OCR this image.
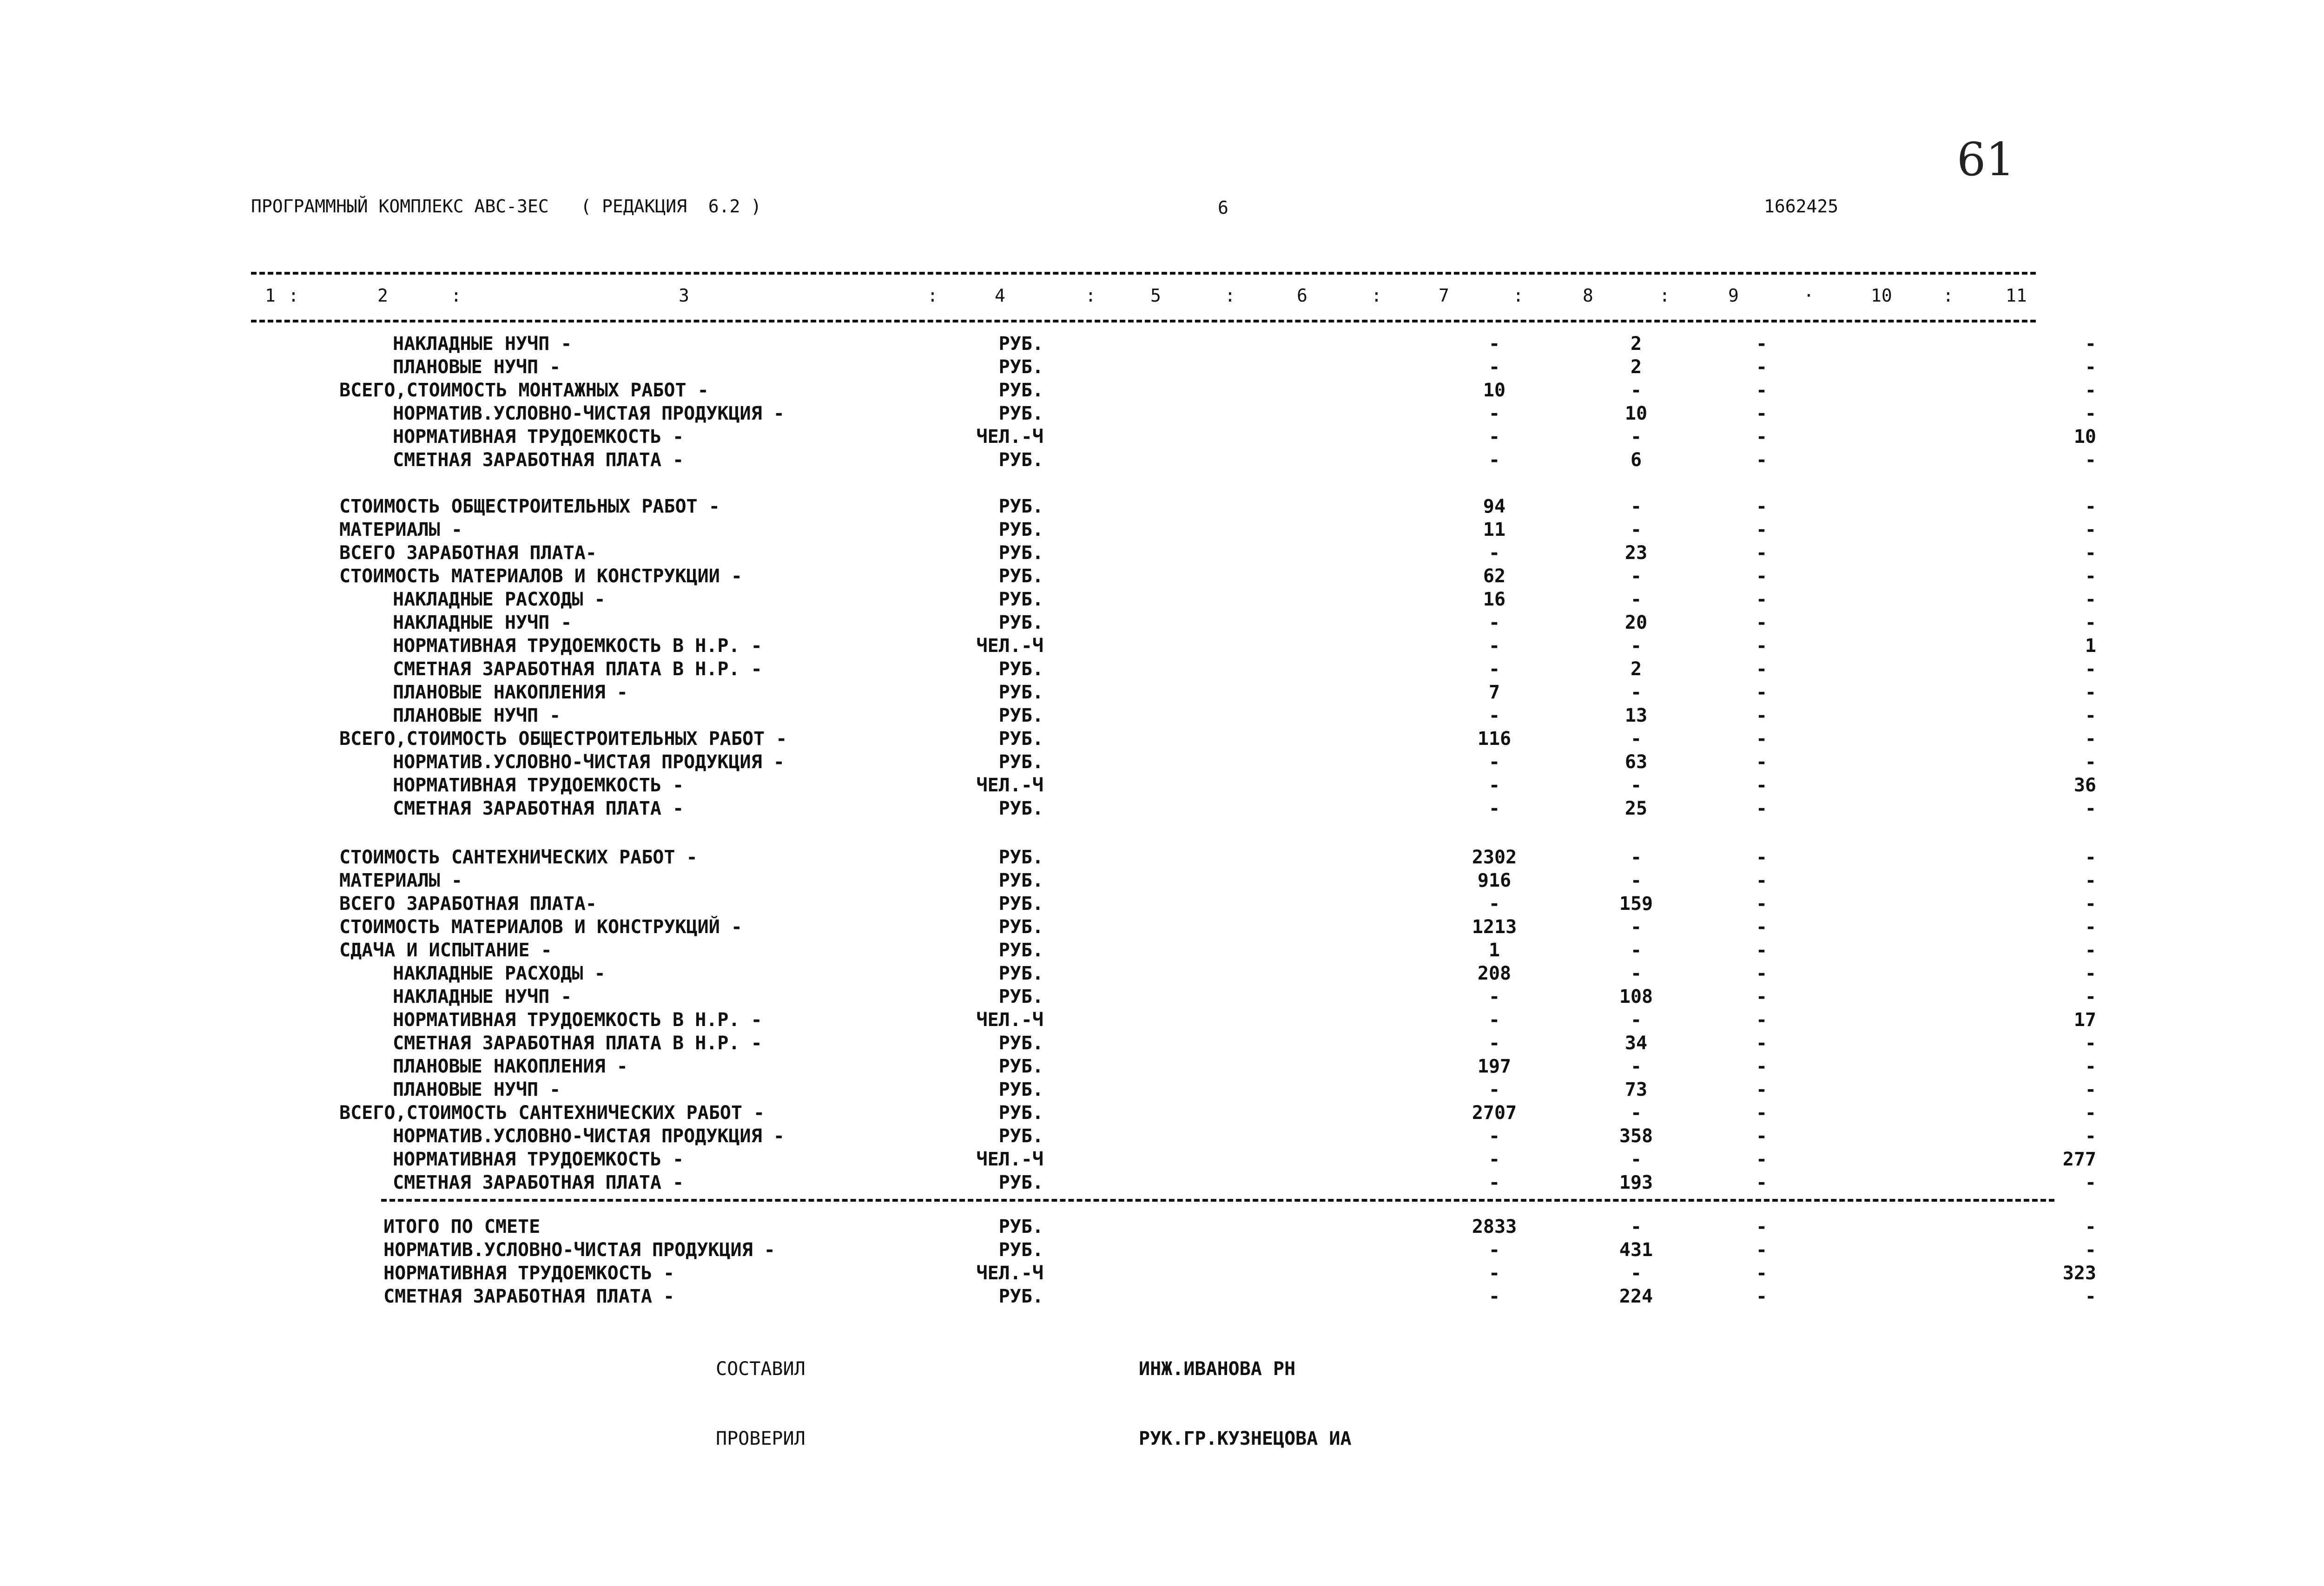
61
ПРОГРАММНЫЙ КОМПЛЕКС АВС-3ЕС   ( РЕДАКЦИЯ  6.2 )	6	1662425
1 :	2	:	3	:	4	:	5	:	6	:	7	:	8	:	9	·	10	:	11
НАКЛАДНЫЕ НУЧП -	РУБ.	-	2	-	-
ПЛАНОВЫЕ НУЧП -	РУБ.	-	2	-	-
ВСЕГО,СТОИМОСТЬ МОНТАЖНЫХ РАБОТ -	РУБ.	10	-	-	-
НОРМАТИВ.УСЛОВНО-ЧИСТАЯ ПРОДУКЦИЯ -	РУБ.	-	10	-	-
НОРМАТИВНАЯ ТРУДОЕМКОСТЬ -	ЧЕЛ.-Ч	-	-	-	10
СМЕТНАЯ ЗАРАБОТНАЯ ПЛАТА -	РУБ.	-	6	-	-
СТОИМОСТЬ ОБЩЕСТРОИТЕЛЬНЫХ РАБОТ -	РУБ.	94	-	-	-
МАТЕРИАЛЫ -	РУБ.	11	-	-	-
ВСЕГО ЗАРАБОТНАЯ ПЛАТА-	РУБ.	-	23	-	-
СТОИМОСТЬ МАТЕРИАЛОВ И КОНСТРУКЦИИ -	РУБ.	62	-	-	-
НАКЛАДНЫЕ РАСХОДЫ -	РУБ.	16	-	-	-
НАКЛАДНЫЕ НУЧП -	РУБ.	-	20	-	-
НОРМАТИВНАЯ ТРУДОЕМКОСТЬ В Н.Р. -	ЧЕЛ.-Ч	-	-	-	1
СМЕТНАЯ ЗАРАБОТНАЯ ПЛАТА В Н.Р. -	РУБ.	-	2	-	-
ПЛАНОВЫЕ НАКОПЛЕНИЯ -	РУБ.	7	-	-	-
ПЛАНОВЫЕ НУЧП -	РУБ.	-	13	-	-
ВСЕГО,СТОИМОСТЬ ОБЩЕСТРОИТЕЛЬНЫХ РАБОТ -	РУБ.	116	-	-	-
НОРМАТИВ.УСЛОВНО-ЧИСТАЯ ПРОДУКЦИЯ -	РУБ.	-	63	-	-
НОРМАТИВНАЯ ТРУДОЕМКОСТЬ -	ЧЕЛ.-Ч	-	-	-	36
СМЕТНАЯ ЗАРАБОТНАЯ ПЛАТА -	РУБ.	-	25	-	-
СТОИМОСТЬ САНТЕХНИЧЕСКИХ РАБОТ -	РУБ.	2302	-	-	-
МАТЕРИАЛЫ -	РУБ.	916	-	-	-
ВСЕГО ЗАРАБОТНАЯ ПЛАТА-	РУБ.	-	159	-	-
СТОИМОСТЬ МАТЕРИАЛОВ И КОНСТРУКЦИЙ -	РУБ.	1213	-	-	-
СДАЧА И ИСПЫТАНИЕ -	РУБ.	1	-	-	-
НАКЛАДНЫЕ РАСХОДЫ -	РУБ.	208	-	-	-
НАКЛАДНЫЕ НУЧП -	РУБ.	-	108	-	-
НОРМАТИВНАЯ ТРУДОЕМКОСТЬ В Н.Р. -	ЧЕЛ.-Ч	-	-	-	17
СМЕТНАЯ ЗАРАБОТНАЯ ПЛАТА В Н.Р. -	РУБ.	-	34	-	-
ПЛАНОВЫЕ НАКОПЛЕНИЯ -	РУБ.	197	-	-	-
ПЛАНОВЫЕ НУЧП -	РУБ.	-	73	-	-
ВСЕГО,СТОИМОСТЬ САНТЕХНИЧЕСКИХ РАБОТ -	РУБ.	2707	-	-	-
НОРМАТИВ.УСЛОВНО-ЧИСТАЯ ПРОДУКЦИЯ -	РУБ.	-	358	-	-
НОРМАТИВНАЯ ТРУДОЕМКОСТЬ -	ЧЕЛ.-Ч	-	-	-	277
СМЕТНАЯ ЗАРАБОТНАЯ ПЛАТА -	РУБ.	-	193	-	-
ИТОГО ПО СМЕТЕ	РУБ.	2833	-	-	-
НОРМАТИВ.УСЛОВНО-ЧИСТАЯ ПРОДУКЦИЯ -	РУБ.	-	431	-	-
НОРМАТИВНАЯ ТРУДОЕМКОСТЬ -	ЧЕЛ.-Ч	-	-	-	323
СМЕТНАЯ ЗАРАБОТНАЯ ПЛАТА -	РУБ.	-	224	-	-
СОСТАВИЛ	ИНЖ.ИВАНОВА РН
ПРОВЕРИЛ	РУК.ГР.КУЗНЕЦОВА ИА
